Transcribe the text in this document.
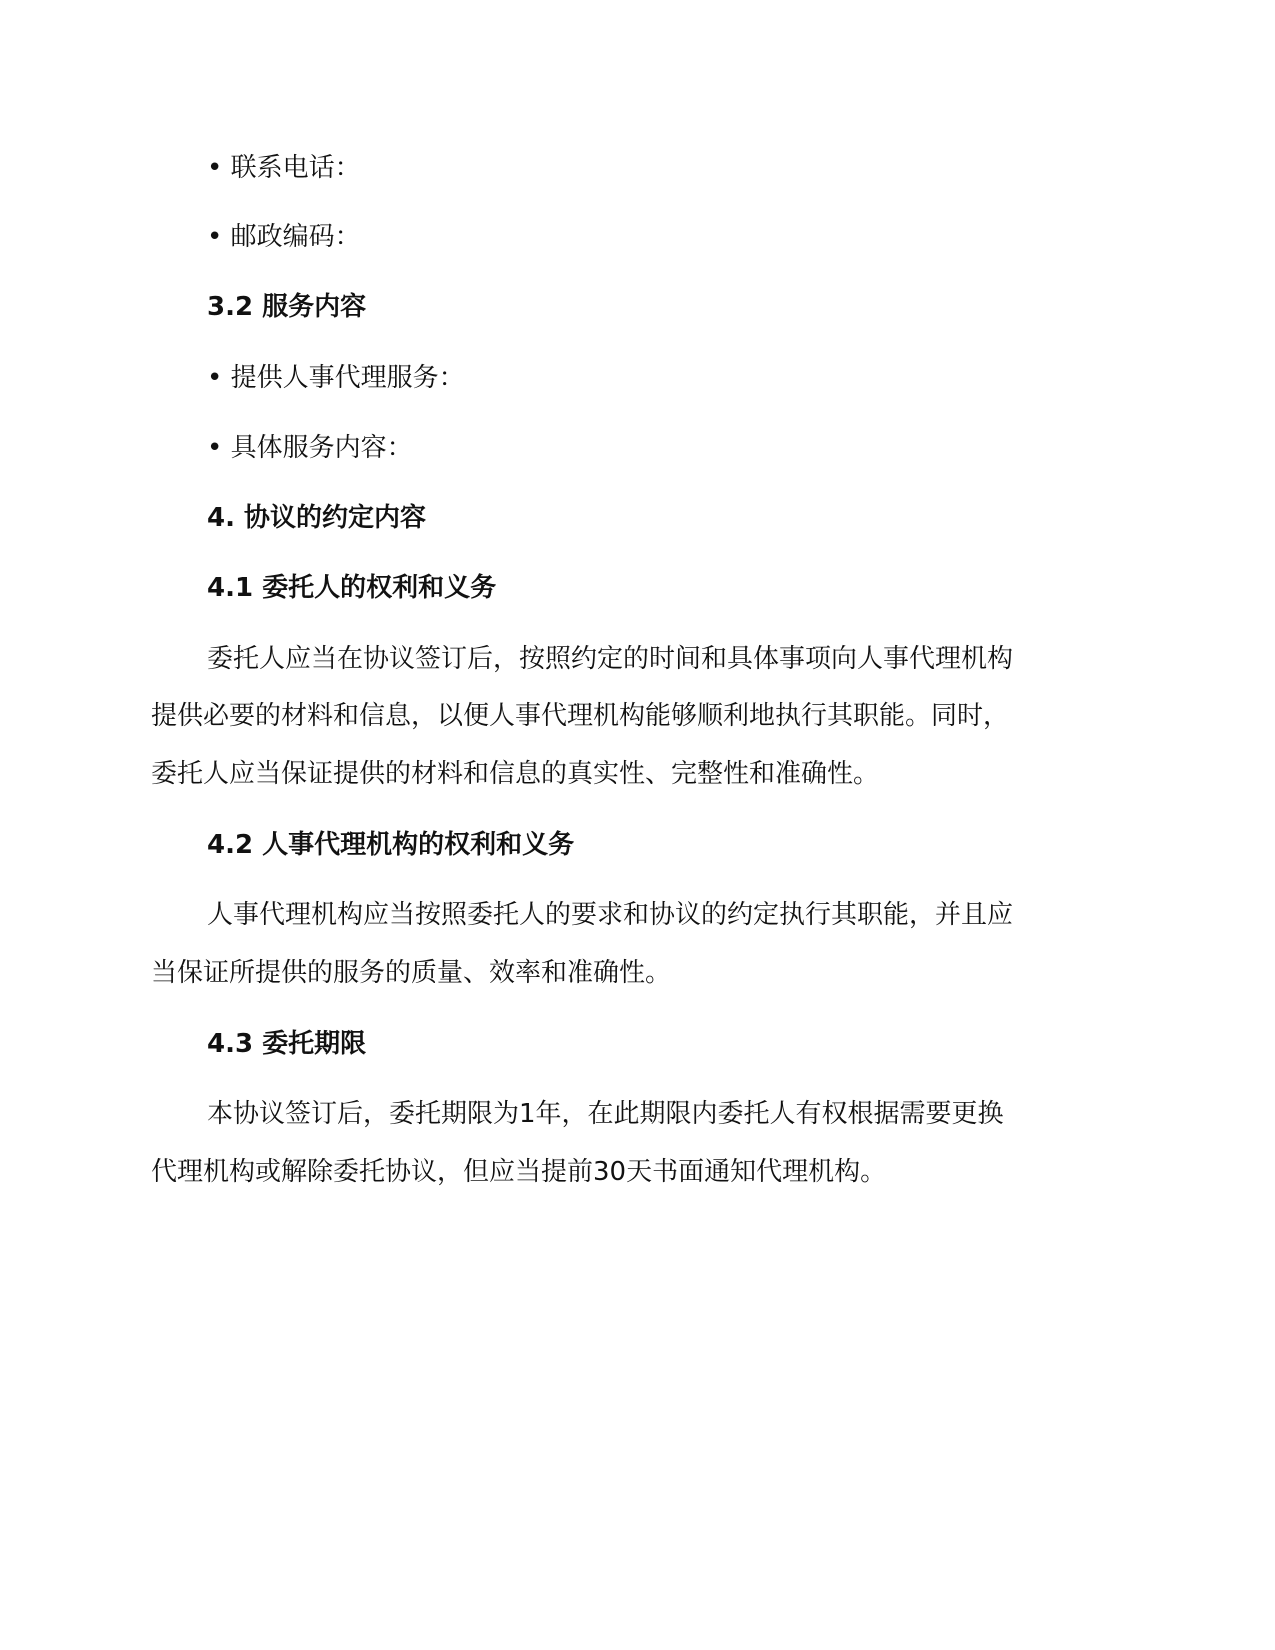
• 联系电话：
• 邮政编码：
3.2 服务内容
• 提供人事代理服务：
• 具体服务内容：
4. 协议的约定内容
4.1 委托人的权利和义务
委托人应当在协议签订后，按照约定的时间和具体事项向人事代理机构
提供必要的材料和信息，以便人事代理机构能够顺利地执行其职能。同时，
委托人应当保证提供的材料和信息的真实性、完整性和准确性。
4.2 人事代理机构的权利和义务
人事代理机构应当按照委托人的要求和协议的约定执行其职能，并且应
当保证所提供的服务的质量、效率和准确性。
4.3 委托期限
本协议签订后，委托期限为1年，在此期限内委托人有权根据需要更换
代理机构或解除委托协议，但应当提前30天书面通知代理机构。
